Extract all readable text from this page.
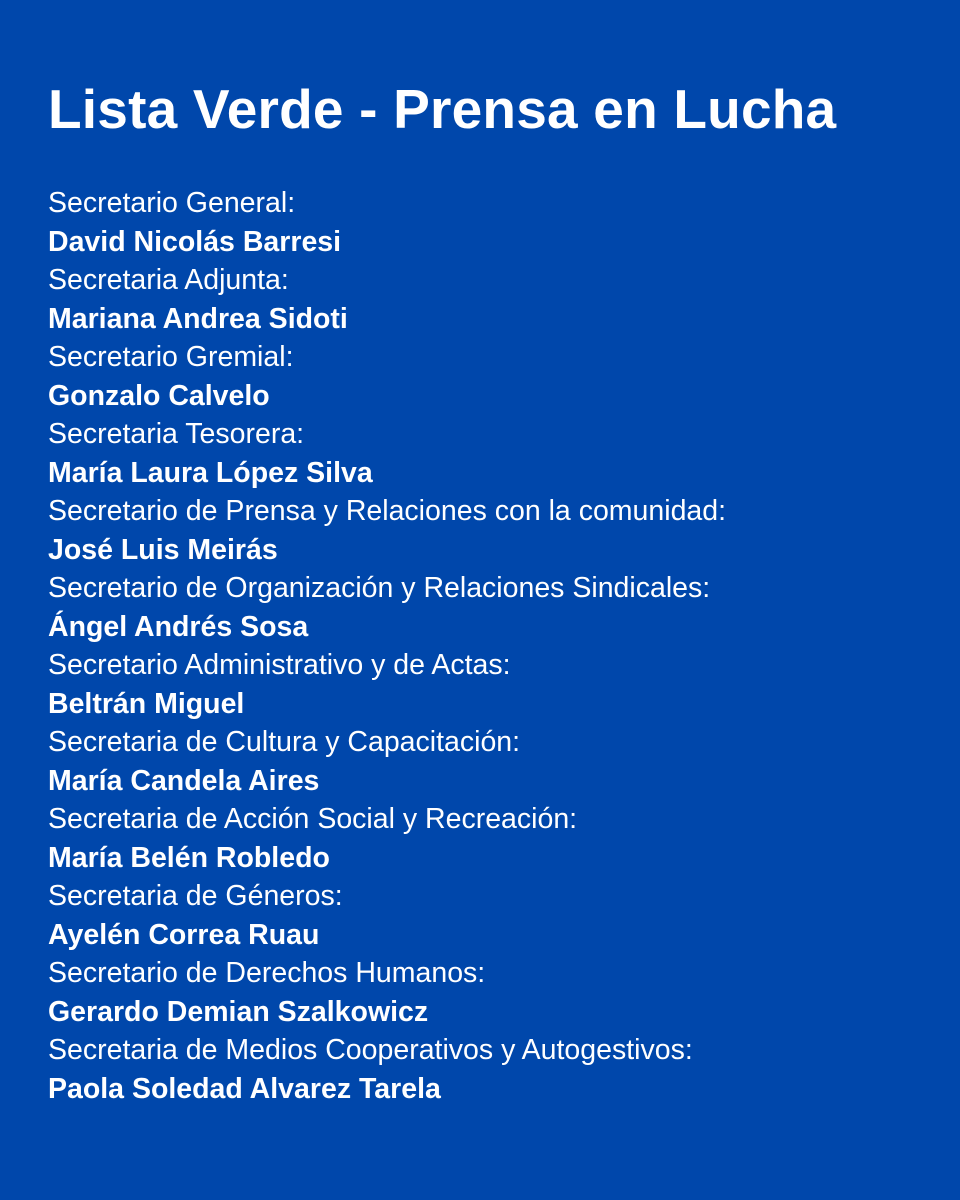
Lista Verde - Prensa en Lucha
Secretario General:
David Nicolás Barresi
Secretaria Adjunta:
Mariana Andrea Sidoti
Secretario Gremial:
Gonzalo Calvelo
Secretaria Tesorera:
María Laura López Silva
Secretario de Prensa y Relaciones con la comunidad:
José Luis Meirás
Secretario de Organización y Relaciones Sindicales:
Ángel Andrés Sosa
Secretario Administrativo y de Actas:
Beltrán Miguel
Secretaria de Cultura y Capacitación:
María Candela Aires
Secretaria de Acción Social y Recreación:
María Belén Robledo
Secretaria de Géneros:
Ayelén Correa Ruau
Secretario de Derechos Humanos:
Gerardo Demian Szalkowicz
Secretaria de Medios Cooperativos y Autogestivos:
Paola Soledad Alvarez Tarela
